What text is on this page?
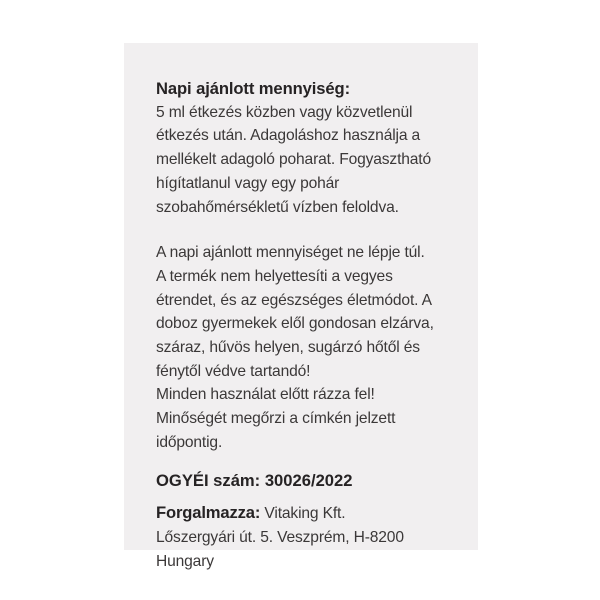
Napi ajánlott mennyiség:
5 ml étkezés közben vagy közvetlenül
étkezés után. Adagoláshoz használja a
mellékelt adagoló poharat. Fogyasztható
hígítatlanul vagy egy pohár
szobahőmérsékletű vízben feloldva.
A napi ajánlott mennyiséget ne lépje túl.
A termék nem helyettesíti a vegyes
étrendet, és az egészséges életmódot. A
doboz gyermekek elől gondosan elzárva,
száraz, hűvös helyen, sugárzó hőtől és
fénytől védve tartandó!
Minden használat előtt rázza fel!
Minőségét megőrzi a címkén jelzett
időpontig.
OGYÉI szám: 30026/2022
Forgalmazza: Vitaking Kft.
Lőszergyári út. 5. Veszprém, H-8200
Hungary
